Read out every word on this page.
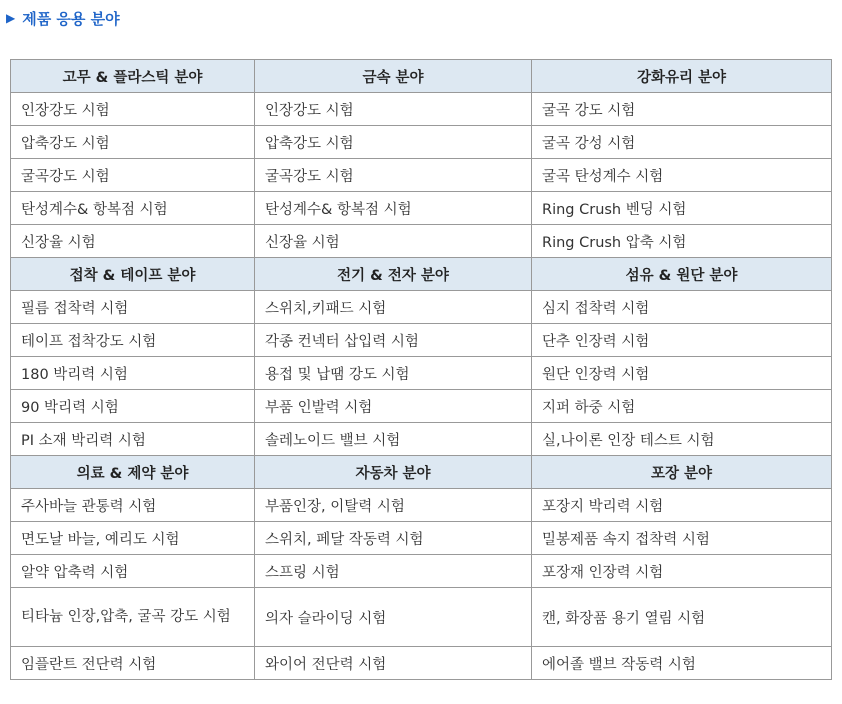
▶ 제품 응용 분야
고무 & 플라스틱 분야	금속 분야	강화유리 분야
인장강도 시험	인장강도 시험	굴곡 강도 시험
압축강도 시험	압축강도 시험	굴곡 강성 시험
굴곡강도 시험	굴곡강도 시험	굴곡 탄성계수 시험
탄성계수& 항복점 시험	탄성계수& 항복점 시험	Ring Crush 벤딩 시험
신장율 시험	신장율 시험	Ring Crush 압축 시험
접착 & 테이프 분야	전기 & 전자 분야	섬유 & 원단 분야
필름 접착력 시험	스위치,키패드 시험	심지 접착력 시험
테이프 접착강도 시험	각종 컨넥터 삽입력 시험	단추 인장력 시험
180 박리력 시험	용접 및 납땜 강도 시험	원단 인장력 시험
90 박리력 시험	부품 인발력 시험	지퍼 하중 시험
PI 소재 박리력 시험	솔레노이드 밸브 시험	실,나이론 인장 테스트 시험
의료 & 제약 분야	자동차 분야	포장 분야
주사바늘 관통력 시험	부품인장, 이탈력 시험	포장지 박리력 시험
면도날 바늘, 예리도 시험	스위치, 페달 작동력 시험	밀봉제품 속지 접착력 시험
알약 압축력 시험	스프링 시험	포장재 인장력 시험
티타늄 인장,압축, 굴곡 강도 시험	의자 슬라이딩 시험	캔, 화장품 용기 열림 시험
임플란트 전단력 시험	와이어 전단력 시험	에어졸 밸브 작동력 시험
